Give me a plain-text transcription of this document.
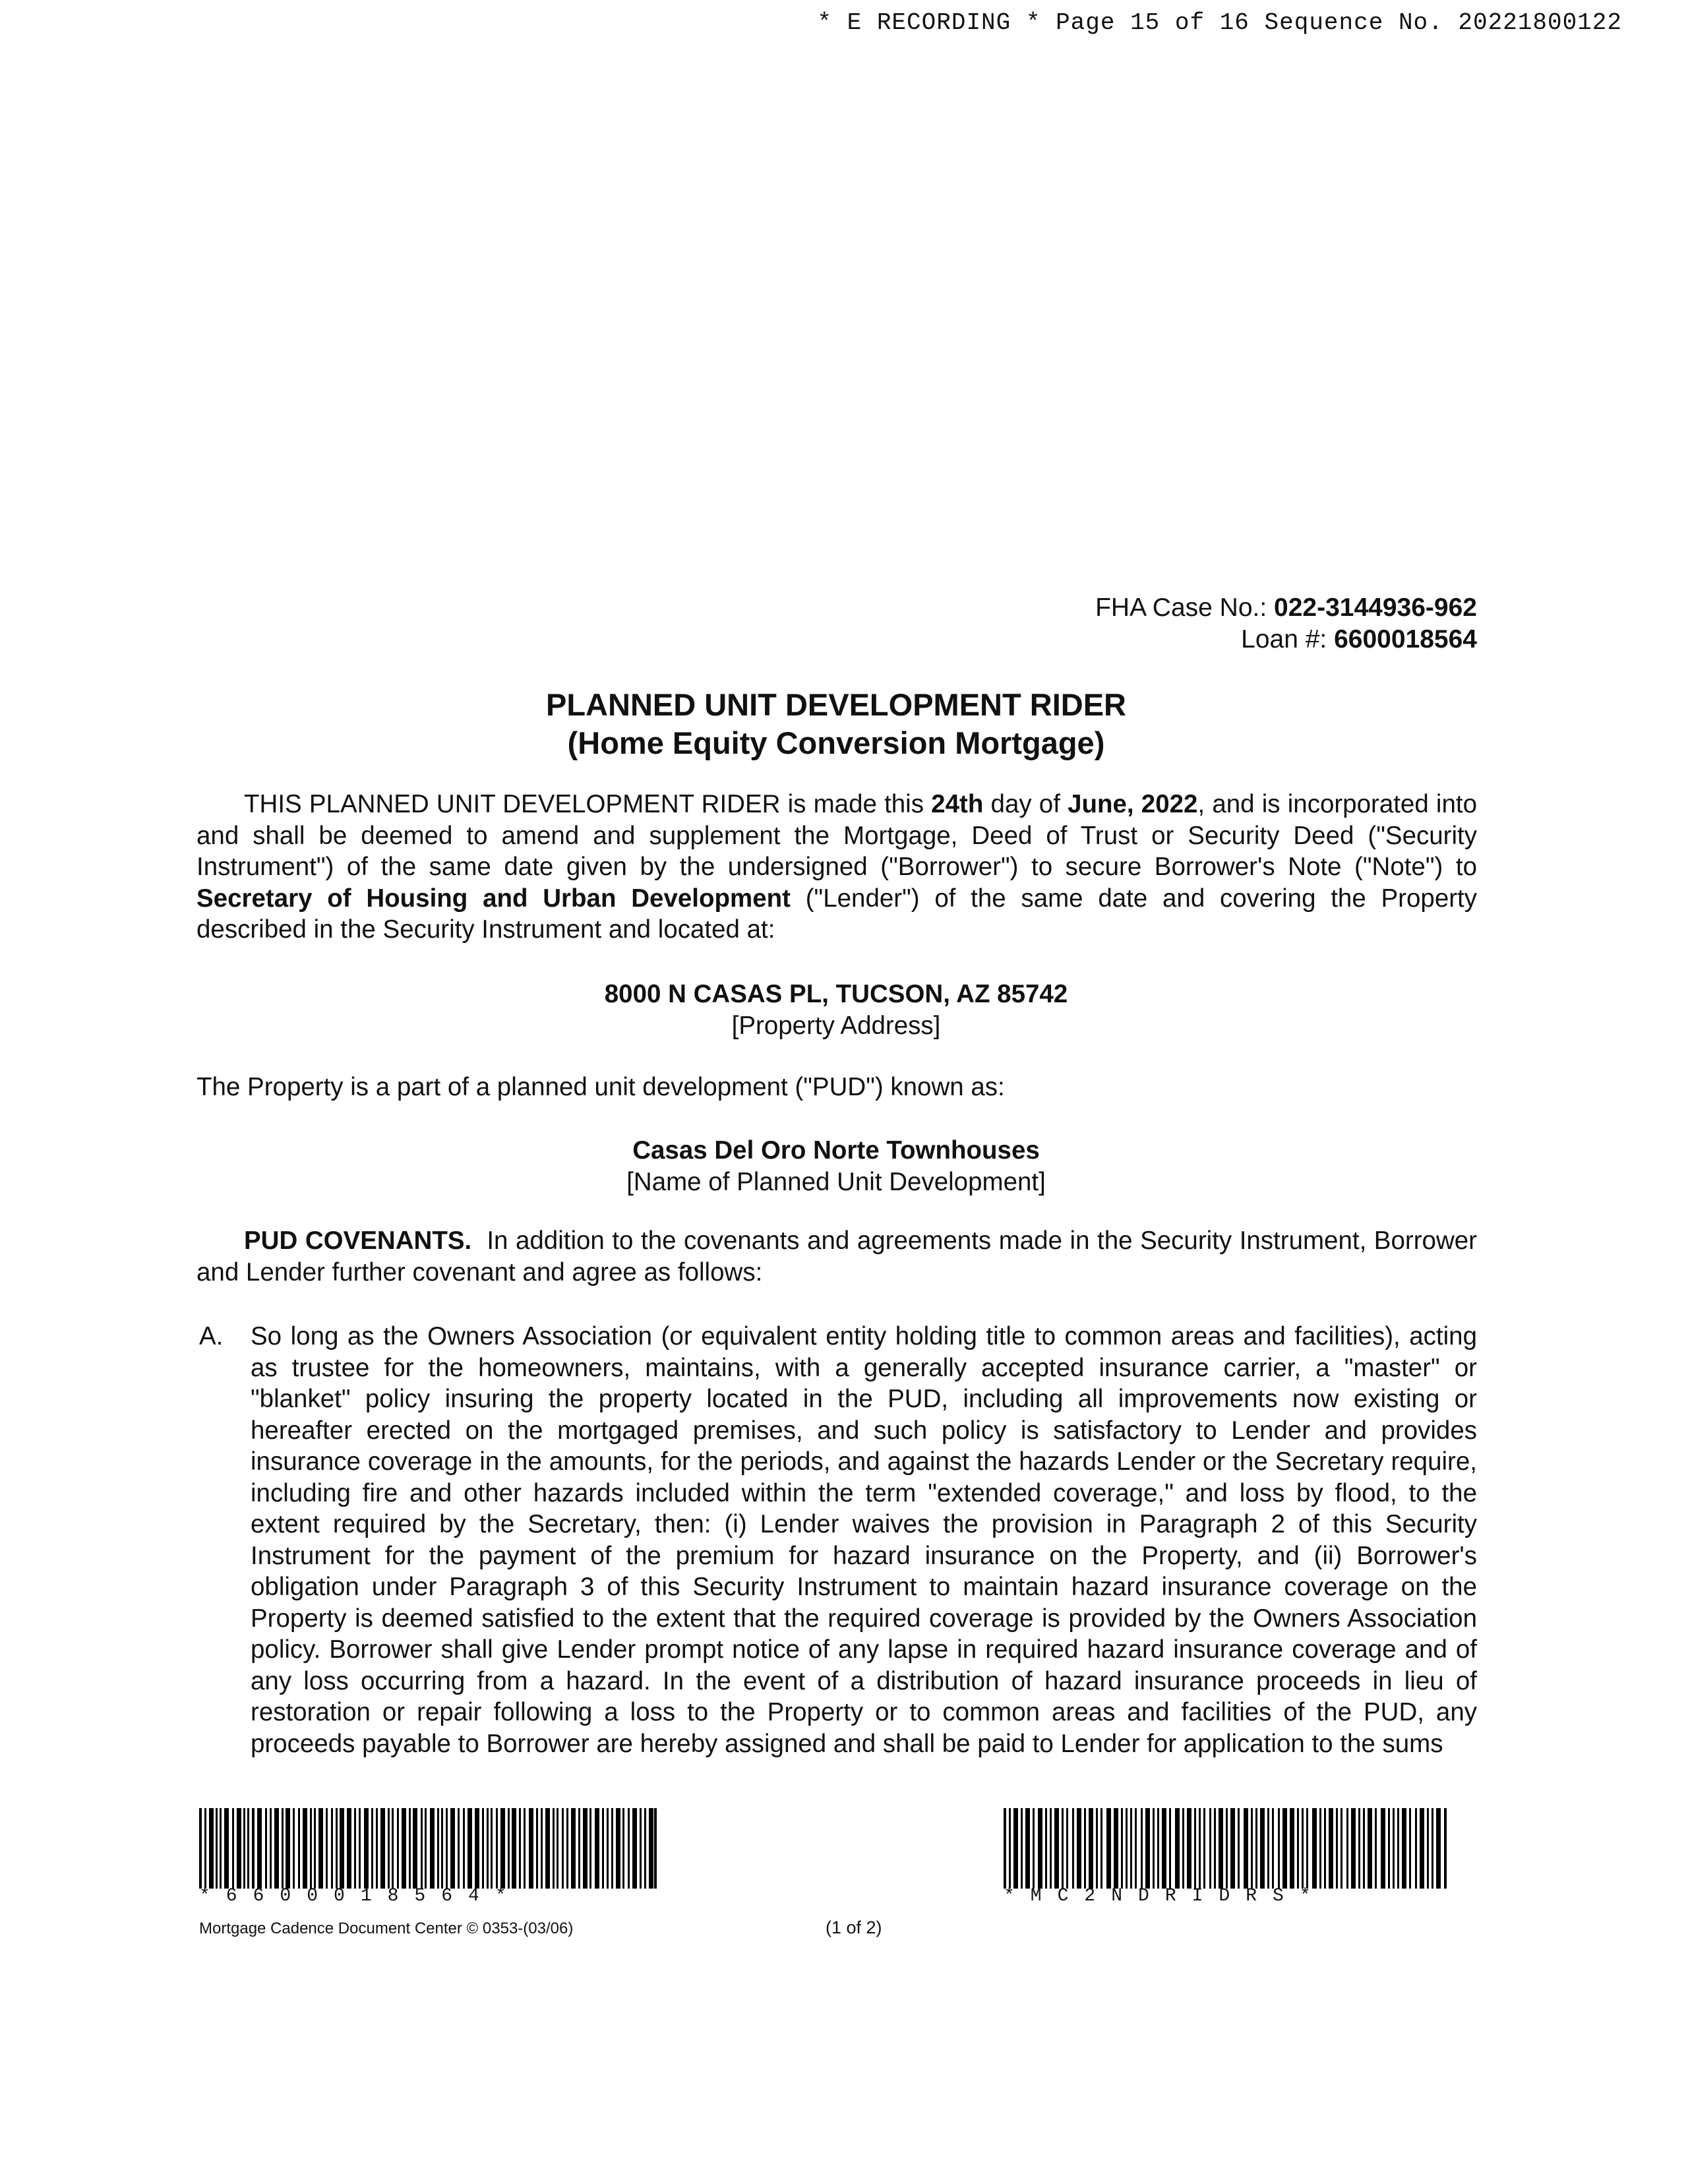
* E RECORDING * Page 15 of 16 Sequence No. 20221800122
FHA Case No.: 022-3144936-962
Loan #: 6600018564
PLANNED UNIT DEVELOPMENT RIDER
(Home Equity Conversion Mortgage)
THIS PLANNED UNIT DEVELOPMENT RIDER is made this 24th day of June, 2022, and is incorporated into and shall be deemed to amend and supplement the Mortgage, Deed of Trust or Security Deed ("Security Instrument") of the same date given by the undersigned ("Borrower") to secure Borrower's Note ("Note") to Secretary of Housing and Urban Development ("Lender") of the same date and covering the Property described in the Security Instrument and located at:
8000 N CASAS PL, TUCSON, AZ 85742
[Property Address]
The Property is a part of a planned unit development ("PUD") known as:
Casas Del Oro Norte Townhouses
[Name of Planned Unit Development]
PUD COVENANTS. In addition to the covenants and agreements made in the Security Instrument, Borrower and Lender further covenant and agree as follows:
A. So long as the Owners Association (or equivalent entity holding title to common areas and facilities), acting as trustee for the homeowners, maintains, with a generally accepted insurance carrier, a "master" or "blanket" policy insuring the property located in the PUD, including all improvements now existing or hereafter erected on the mortgaged premises, and such policy is satisfactory to Lender and provides insurance coverage in the amounts, for the periods, and against the hazards Lender or the Secretary require, including fire and other hazards included within the term "extended coverage," and loss by flood, to the extent required by the Secretary, then: (i) Lender waives the provision in Paragraph 2 of this Security Instrument for the payment of the premium for hazard insurance on the Property, and (ii) Borrower's obligation under Paragraph 3 of this Security Instrument to maintain hazard insurance coverage on the Property is deemed satisfied to the extent that the required coverage is provided by the Owners Association policy. Borrower shall give Lender prompt notice of any lapse in required hazard insurance coverage and of any loss occurring from a hazard. In the event of a distribution of hazard insurance proceeds in lieu of restoration or repair following a loss to the Property or to common areas and facilities of the PUD, any proceeds payable to Borrower are hereby assigned and shall be paid to Lender for application to the sums
*6600018564*	*MC2NDRIDRS*
Mortgage Cadence Document Center © 0353-(03/06)	(1 of 2)
